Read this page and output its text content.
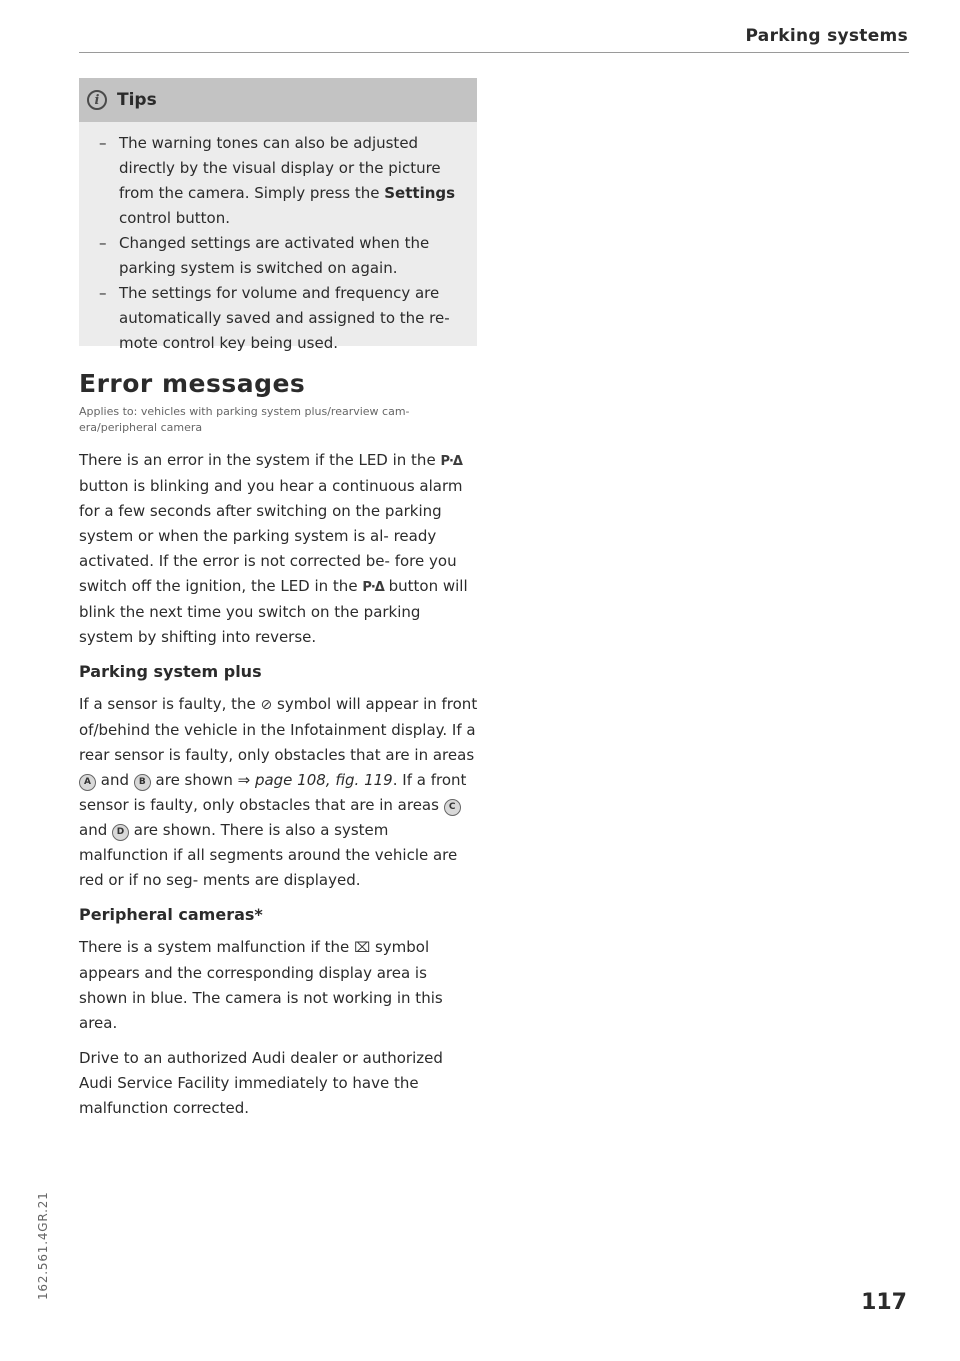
Parking systems
i	Tips
– The warning tones can also be adjusted directly by the visual display or the picture from the camera. Simply press the Settings control button.
– Changed settings are activated when the parking system is switched on again.
– The settings for volume and frequency are automatically saved and assigned to the re- mote control key being used.
Error messages
Applies to: vehicles with parking system plus/rearview cam- era/peripheral camera

There is an error in the system if the LED in the P·Δ button is blinking and you hear a continuous alarm for a few seconds after switching on the parking system or when the parking system is al- ready activated. If the error is not corrected be- fore you switch off the ignition, the LED in the P·Δ button will blink the next time you switch on the parking system by shifting into reverse.

Parking system plus

If a sensor is faulty, the ⊘ symbol will appear in front of/behind the vehicle in the Infotainment display. If a rear sensor is faulty, only obstacles that are in areas A and B are shown ⇒ page 108, fig. 119. If a front sensor is faulty, only obstacles that are in areas C and D are shown. There is also a system malfunction if all segments around the vehicle are red or if no seg- ments are displayed.

Peripheral cameras*

There is a system malfunction if the ⌧ symbol appears and the corresponding display area is shown in blue. The camera is not working in this area.

Drive to an authorized Audi dealer or authorized Audi Service Facility immediately to have the malfunction corrected.

162.561.4GR.21
117
